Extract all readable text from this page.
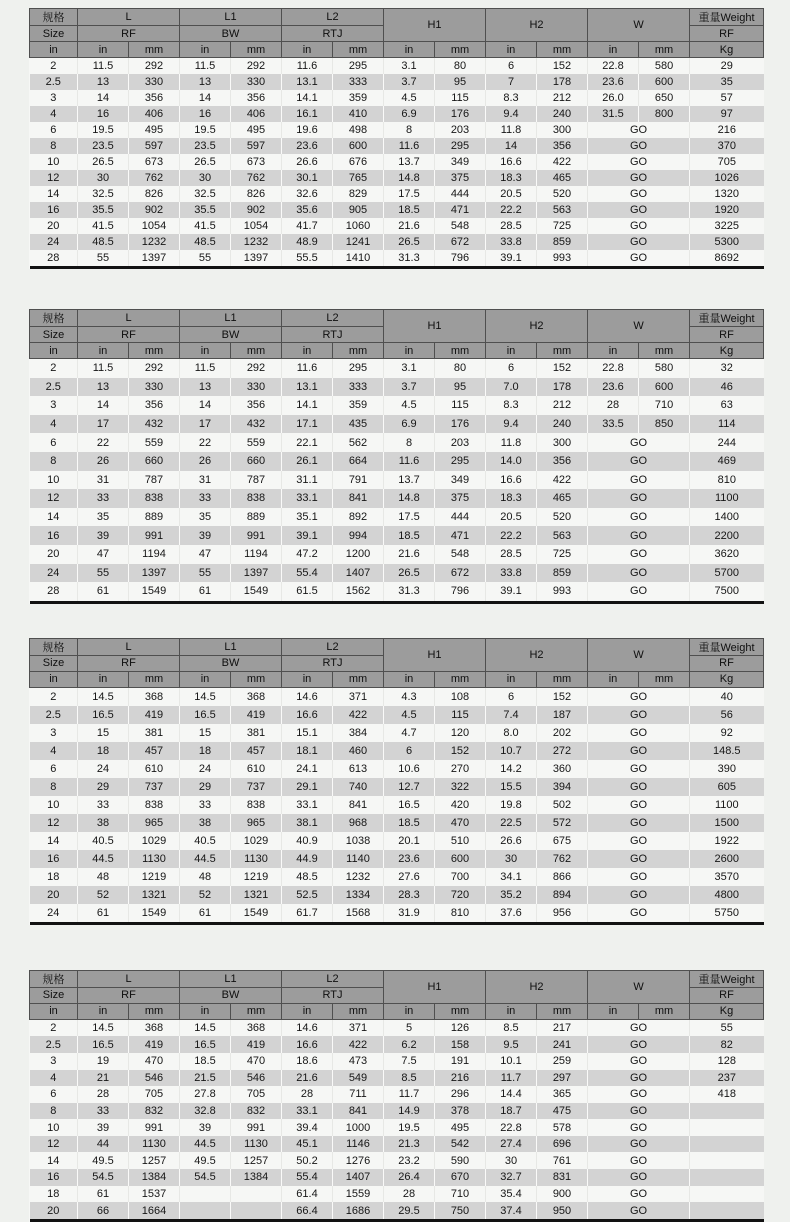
规格	L		L1		L2		H1		H2		W		重量Weight
Size	RF		BW		RTJ								RF
in	in	mm	in	mm	in	mm	in	mm	in	mm	in	mm	Kg
2	11.5	292	11.5	292	11.6	295	3.1	80	6	152	22.8	580	29
2.5	13	330	13	330	13.1	333	3.7	95	7	178	23.6	600	35
3	14	356	14	356	14.1	359	4.5	115	8.3	212	26.0	650	57
4	16	406	16	406	16.1	410	6.9	176	9.4	240	31.5	800	97
6	19.5	495	19.5	495	19.6	498	8	203	11.8	300	GO		216
8	23.5	597	23.5	597	23.6	600	11.6	295	14	356	GO		370
10	26.5	673	26.5	673	26.6	676	13.7	349	16.6	422	GO		705
12	30	762	30	762	30.1	765	14.8	375	18.3	465	GO		1026
14	32.5	826	32.5	826	32.6	829	17.5	444	20.5	520	GO		1320
16	35.5	902	35.5	902	35.6	905	18.5	471	22.2	563	GO		1920
20	41.5	1054	41.5	1054	41.7	1060	21.6	548	28.5	725	GO		3225
24	48.5	1232	48.5	1232	48.9	1241	26.5	672	33.8	859	GO		5300
28	55	1397	55	1397	55.5	1410	31.3	796	39.1	993	GO		8692
规格	L		L1		L2		H1		H2		W		重量Weight
Size	RF		BW		RTJ								RF
in	in	mm	in	mm	in	mm	in	mm	in	mm	in	mm	Kg
2	11.5	292	11.5	292	11.6	295	3.1	80	6	152	22.8	580	32
2.5	13	330	13	330	13.1	333	3.7	95	7.0	178	23.6	600	46
3	14	356	14	356	14.1	359	4.5	115	8.3	212	28	710	63
4	17	432	17	432	17.1	435	6.9	176	9.4	240	33.5	850	114
6	22	559	22	559	22.1	562	8	203	11.8	300	GO		244
8	26	660	26	660	26.1	664	11.6	295	14.0	356	GO		469
10	31	787	31	787	31.1	791	13.7	349	16.6	422	GO		810
12	33	838	33	838	33.1	841	14.8	375	18.3	465	GO		1100
14	35	889	35	889	35.1	892	17.5	444	20.5	520	GO		1400
16	39	991	39	991	39.1	994	18.5	471	22.2	563	GO		2200
20	47	1194	47	1194	47.2	1200	21.6	548	28.5	725	GO		3620
24	55	1397	55	1397	55.4	1407	26.5	672	33.8	859	GO		5700
28	61	1549	61	1549	61.5	1562	31.3	796	39.1	993	GO		7500
规格	L		L1		L2		H1		H2		W		重量Weight
Size	RF		BW		RTJ								RF
in	in	mm	in	mm	in	mm	in	mm	in	mm	in	mm	Kg
2	14.5	368	14.5	368	14.6	371	4.3	108	6	152	GO		40
2.5	16.5	419	16.5	419	16.6	422	4.5	115	7.4	187	GO		56
3	15	381	15	381	15.1	384	4.7	120	8.0	202	GO		92
4	18	457	18	457	18.1	460	6	152	10.7	272	GO		148.5
6	24	610	24	610	24.1	613	10.6	270	14.2	360	GO		390
8	29	737	29	737	29.1	740	12.7	322	15.5	394	GO		605
10	33	838	33	838	33.1	841	16.5	420	19.8	502	GO		1100
12	38	965	38	965	38.1	968	18.5	470	22.5	572	GO		1500
14	40.5	1029	40.5	1029	40.9	1038	20.1	510	26.6	675	GO		1922
16	44.5	1130	44.5	1130	44.9	1140	23.6	600	30	762	GO		2600
18	48	1219	48	1219	48.5	1232	27.6	700	34.1	866	GO		3570
20	52	1321	52	1321	52.5	1334	28.3	720	35.2	894	GO		4800
24	61	1549	61	1549	61.7	1568	31.9	810	37.6	956	GO		5750
规格	L		L1		L2		H1		H2		W		重量Weight
Size	RF		BW		RTJ								RF
in	in	mm	in	mm	in	mm	in	mm	in	mm	in	mm	Kg
2	14.5	368	14.5	368	14.6	371	5	126	8.5	217	GO		55
2.5	16.5	419	16.5	419	16.6	422	6.2	158	9.5	241	GO		82
3	19	470	18.5	470	18.6	473	7.5	191	10.1	259	GO		128
4	21	546	21.5	546	21.6	549	8.5	216	11.7	297	GO		237
6	28	705	27.8	705	28	711	11.7	296	14.4	365	GO		418
8	33	832	32.8	832	33.1	841	14.9	378	18.7	475	GO		
10	39	991	39	991	39.4	1000	19.5	495	22.8	578	GO		
12	44	1130	44.5	1130	45.1	1146	21.3	542	27.4	696	GO		
14	49.5	1257	49.5	1257	50.2	1276	23.2	590	30	761	GO		
16	54.5	1384	54.5	1384	55.4	1407	26.4	670	32.7	831	GO		
18	61	1537			61.4	1559	28	710	35.4	900	GO		
20	66	1664			66.4	1686	29.5	750	37.4	950	GO		
